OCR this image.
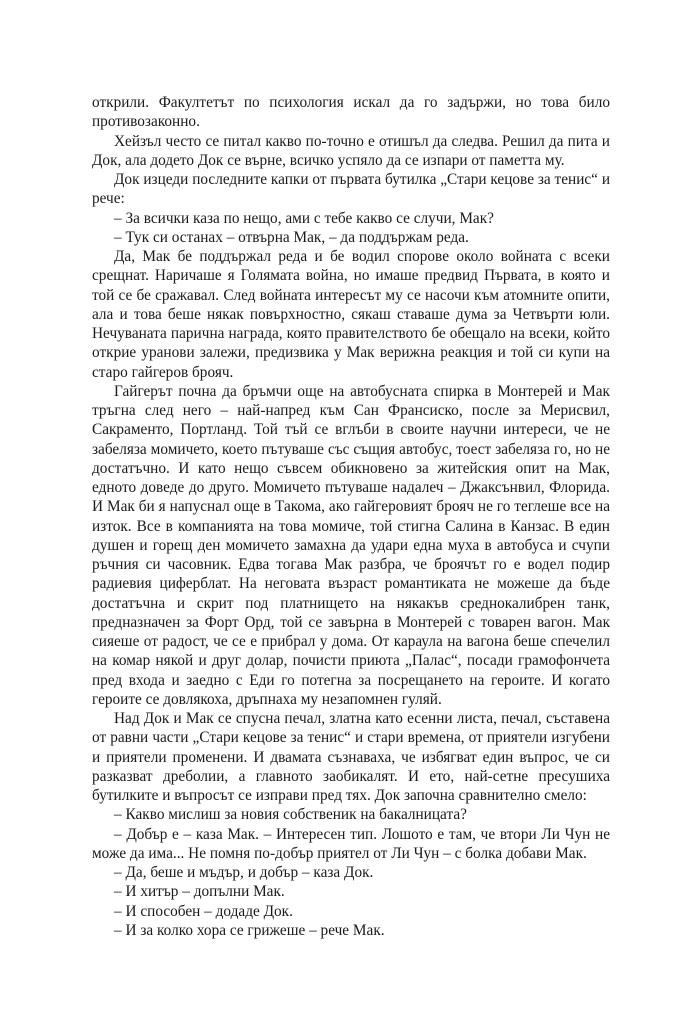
открили. Факултетът по психология искал да го задържи, но това било противозаконно.

Хейзъл често се питал какво по-точно е отишъл да следва. Решил да пита и Док, ала додето Док се върне, всичко успяло да се изпари от паметта му.

Док изцеди последните капки от първата бутилка „Стари кецове за тенис“ и рече:

– За всички каза по нещо, ами с тебе какво се случи, Мак?

– Тук си останах – отвърна Мак, – да поддържам реда.

Да, Мак бе поддържал реда и бе водил спорове около войната с всеки срещнат. Наричаше я Голямата война, но имаше предвид Първата, в която и той се бе сражавал. След войната интересът му се насочи към атомните опити, ала и това беше някак повърхностно, сякаш ставаше дума за Четвърти юли. Нечуваната парична награда, която правителството бе обещало на всеки, който открие уранови залежи, предизвика у Мак верижна реакция и той си купи на старо гайгеров брояч.

Гайгерът почна да бръмчи още на автобусната спирка в Монтерей и Мак тръгна след него – най-напред към Сан Франсиско, после за Мерисвил, Сакраменто, Портланд. Той тъй се вглъби в своите научни интереси, че не забеляза момичето, което пътуваше със същия автобус, тоест забеляза го, но не достатъчно. И като нещо съвсем обикновено за житейския опит на Мак, едното доведе до друго. Момичето пътуваше надалеч – Джаксънвил, Флорида. И Мак би я напуснал още в Такома, ако гайгеровият брояч не го теглеше все на изток. Все в компанията на това момиче, той стигна Салина в Канзас. В един душен и горещ ден момичето замахна да удари една муха в автобуса и счупи ръчния си часовник. Едва тогава Мак разбра, че броячът го е водел подир радиевия циферблат. На неговата възраст романтиката не можеше да бъде достатъчна и скрит под платнището на някакъв среднокалибрен танк, предназначен за Форт Орд, той се завърна в Монтерей с товарен вагон. Мак сияеше от радост, че се е прибрал у дома. От караула на вагона беше спечелил на комар някой и друг долар, почисти приюта „Палас“, посади грамофончета пред входа и заедно с Еди го потегна за посрещането на героите. И когато героите се довлякоха, дръпнаха му незапомнен гуляй.

Над Док и Мак се спусна печал, златна като есенни листа, печал, съставена от равни части „Стари кецове за тенис“ и стари времена, от приятели изгубени и приятели променени. И двамата съзнаваха, че избягват един въпрос, че си разказват дреболии, а главното заобикалят. И ето, най-сетне пресушиха бутилките и въпросът се изправи пред тях. Док започна сравнително смело:

– Какво мислиш за новия собственик на бакалницата?

– Добър е – каза Мак. – Интересен тип. Лошото е там, че втори Ли Чун не може да има... Не помня по-добър приятел от Ли Чун – с болка добави Мак.

– Да, беше и мъдър, и добър – каза Док.

– И хитър – допълни Мак.

– И способен – додаде Док.

– И за колко хора се грижеше – рече Мак.
